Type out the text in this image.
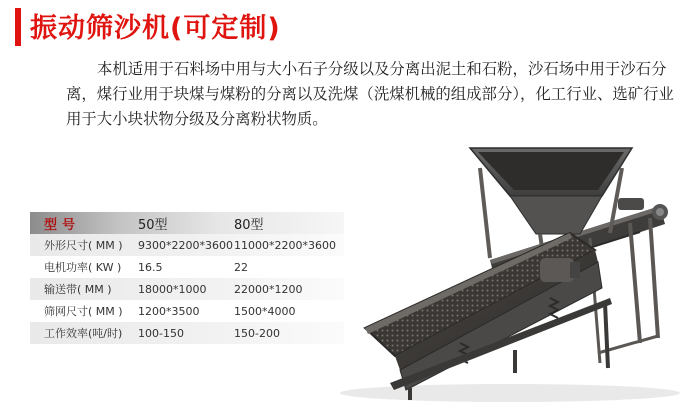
振动筛沙机(可定制)

本机适用于石料场中用与大小石子分级以及分离出泥土和石粉，沙石场中用于沙石分离，煤行业用于块煤与煤粉的分离以及洗煤（洗煤机械的组成部分），化工行业、选矿行业用于大小块状物分级及分离粉状物质。

型号	50型	80型
外形尺寸( MM ) 9300*2200*3600 11000*2200*3600
电机功率( KW ) 16.5	22
输送带( MM ) 18000*1000	22000*1200
筛网尺寸( MM ) 1200*3500	1500*4000
工作效率(吨/时) 100-150	150-200
